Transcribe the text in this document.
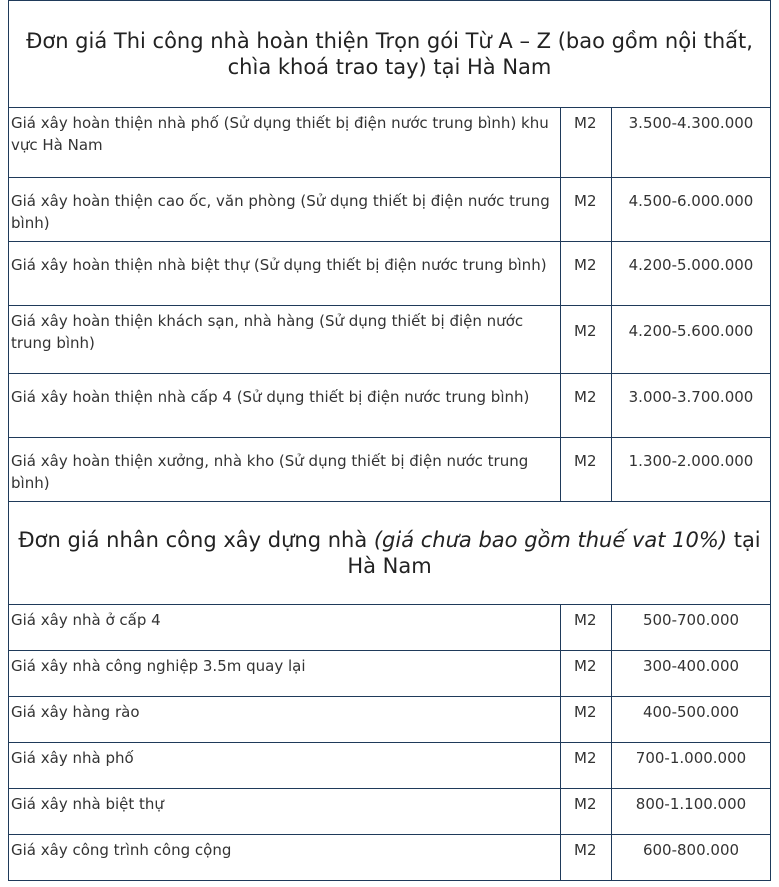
Đơn giá Thi công nhà hoàn thiện Trọn gói Từ A – Z (bao gồm nội thất, chìa khoá trao tay) tại Hà Nam		
Giá xây hoàn thiện nhà phố (Sử dụng thiết bị điện nước trung bình) khu vực Hà Nam	M2	3.500-4.300.000
Giá xây hoàn thiện cao ốc, văn phòng (Sử dụng thiết bị điện nước trung bình)	M2	4.500-6.000.000
Giá xây hoàn thiện nhà biệt thự (Sử dụng thiết bị điện nước trung bình)	M2	4.200-5.000.000
Giá xây hoàn thiện khách sạn, nhà hàng (Sử dụng thiết bị điện nước trung bình)	M2	4.200-5.600.000
Giá xây hoàn thiện nhà cấp 4 (Sử dụng thiết bị điện nước trung bình)	M2	3.000-3.700.000
Giá xây hoàn thiện xưởng, nhà kho (Sử dụng thiết bị điện nước trung bình)	M2	1.300-2.000.000
Đơn giá nhân công xây dựng nhà (giá chưa bao gồm thuế vat 10%) tại Hà Nam		
Giá xây nhà ở cấp 4	M2	500-700.000
Giá xây nhà công nghiệp 3.5m quay lại	M2	300-400.000
Giá xây hàng rào	M2	400-500.000
Giá xây nhà phố	M2	700-1.000.000
Giá xây nhà biệt thự	M2	800-1.100.000
Giá xây công trình công cộng	M2	600-800.000
